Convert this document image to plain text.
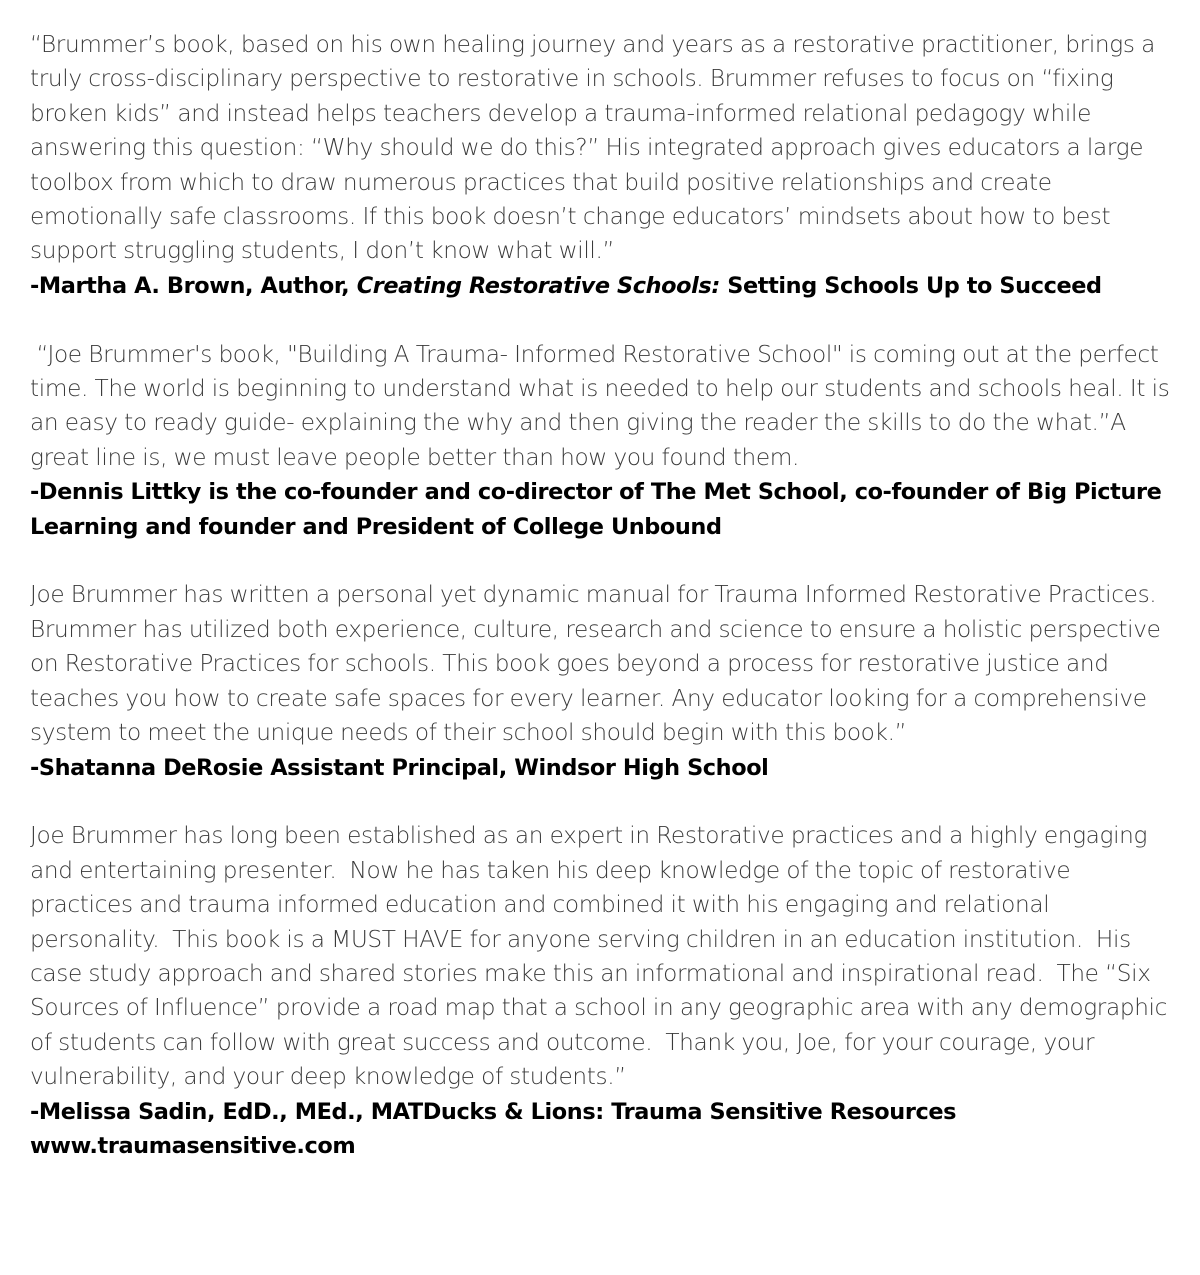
“Brummer’s book, based on his own healing journey and years as a restorative practitioner, brings a
truly cross-disciplinary perspective to restorative in schools. Brummer refuses to focus on “fixing
broken kids” and instead helps teachers develop a trauma-informed relational pedagogy while
answering this question: “Why should we do this?” His integrated approach gives educators a large
toolbox from which to draw numerous practices that build positive relationships and create
emotionally safe classrooms. If this book doesn’t change educators’ mindsets about how to best
support struggling students, I don’t know what will.”
-Martha A. Brown, Author, Creating Restorative Schools: Setting Schools Up to Succeed
“Joe Brummer's book, "Building A Trauma- Informed Restorative School" is coming out at the perfect
time. The world is beginning to understand what is needed to help our students and schools heal. It is
an easy to ready guide- explaining the why and then giving the reader the skills to do the what.”A
great line is, we must leave people better than how you found them.
-Dennis Littky is the co-founder and co-director of The Met School, co-founder of Big Picture
Learning and founder and President of College Unbound
Joe Brummer has written a personal yet dynamic manual for Trauma Informed Restorative Practices.
Brummer has utilized both experience, culture, research and science to ensure a holistic perspective
on Restorative Practices for schools. This book goes beyond a process for restorative justice and
teaches you how to create safe spaces for every learner. Any educator looking for a comprehensive
system to meet the unique needs of their school should begin with this book.”
-Shatanna DeRosie Assistant Principal, Windsor High School
Joe Brummer has long been established as an expert in Restorative practices and a highly engaging
and entertaining presenter.  Now he has taken his deep knowledge of the topic of restorative
practices and trauma informed education and combined it with his engaging and relational
personality.  This book is a MUST HAVE for anyone serving children in an education institution.  His
case study approach and shared stories make this an informational and inspirational read.  The “Six
Sources of Influence” provide a road map that a school in any geographic area with any demographic
of students can follow with great success and outcome.  Thank you, Joe, for your courage, your
vulnerability, and your deep knowledge of students.”
-Melissa Sadin, EdD., MEd., MATDucks & Lions: Trauma Sensitive Resources
www.traumasensitive.com
